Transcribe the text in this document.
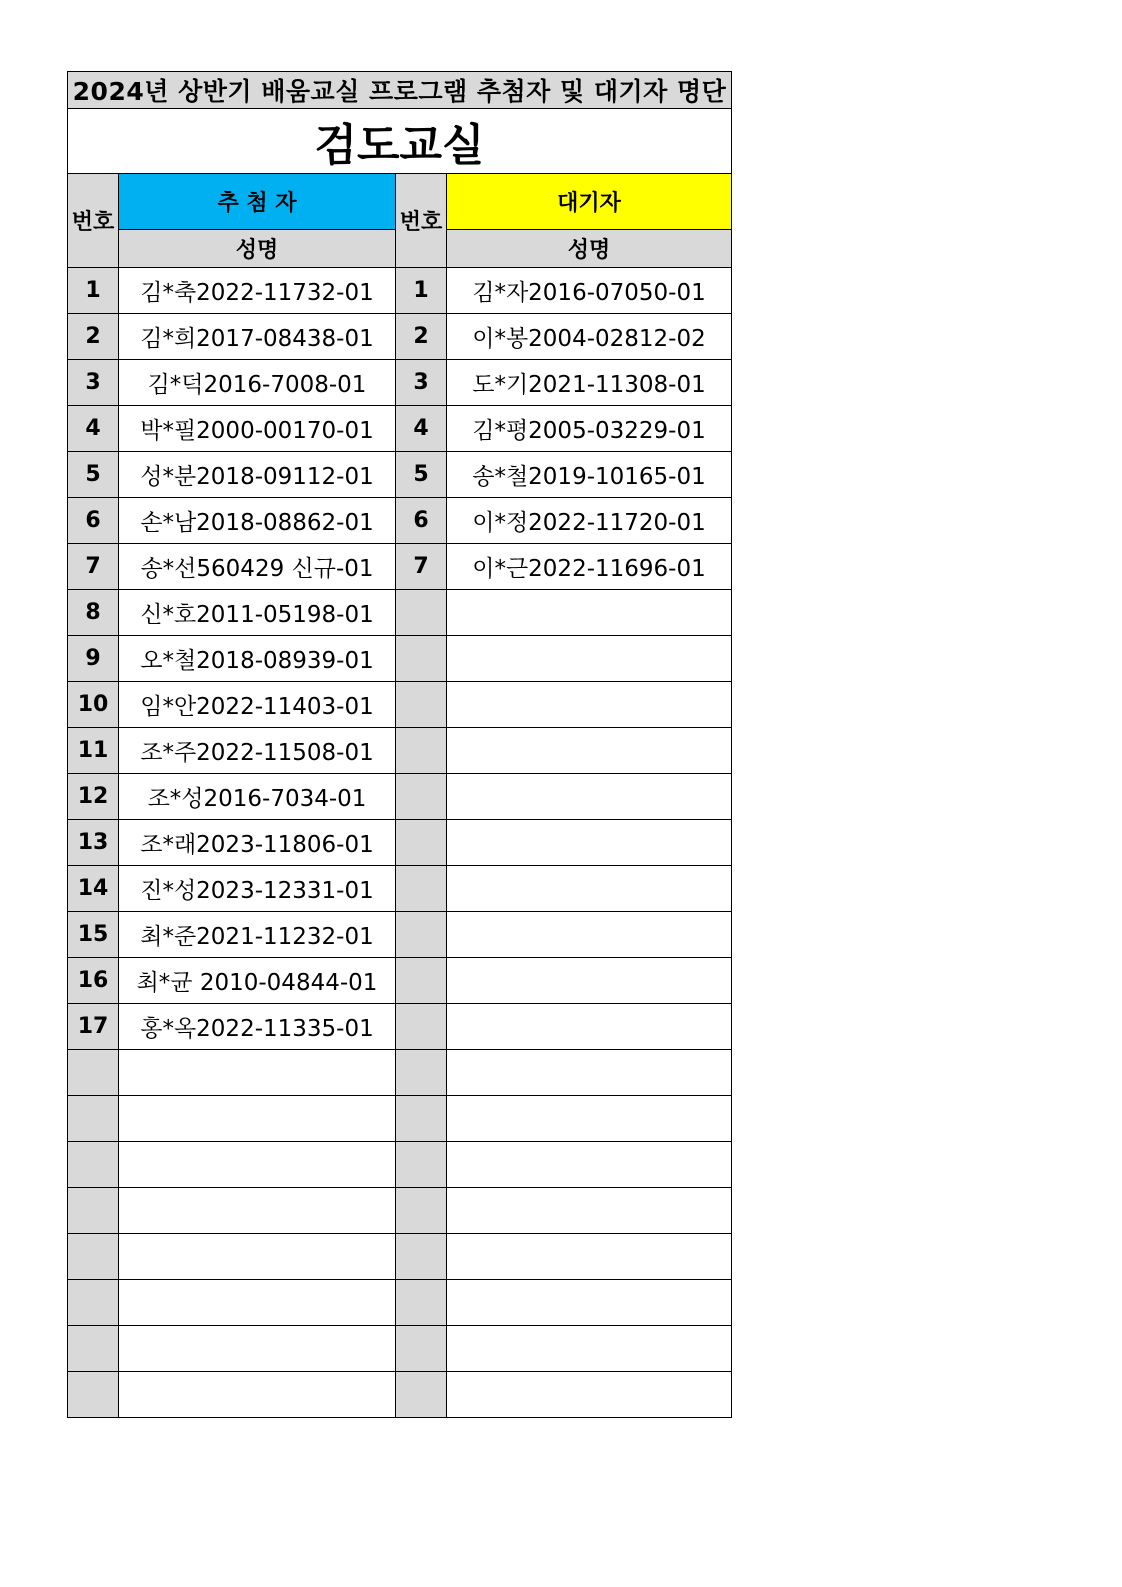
2024년 상반기 배움교실 프로그램 추첨자 및 대기자 명단			
검도교실			
번호	추 첨 자	번호	대기자
	성명		성명
1	김*축2022-11732-01	1	김*자2016-07050-01
2	김*희2017-08438-01	2	이*봉2004-02812-02
3	김*덕2016-7008-01	3	도*기2021-11308-01
4	박*필2000-00170-01	4	김*평2005-03229-01
5	성*분2018-09112-01	5	송*철2019-10165-01
6	손*남2018-08862-01	6	이*정2022-11720-01
7	송*선560429 신규-01	7	이*근2022-11696-01
8	신*호2011-05198-01		
9	오*철2018-08939-01		
10	임*안2022-11403-01		
11	조*주2022-11508-01		
12	조*성2016-7034-01		
13	조*래2023-11806-01		
14	진*성2023-12331-01		
15	최*준2021-11232-01		
16	최*균 2010-04844-01		
17	홍*옥2022-11335-01		
